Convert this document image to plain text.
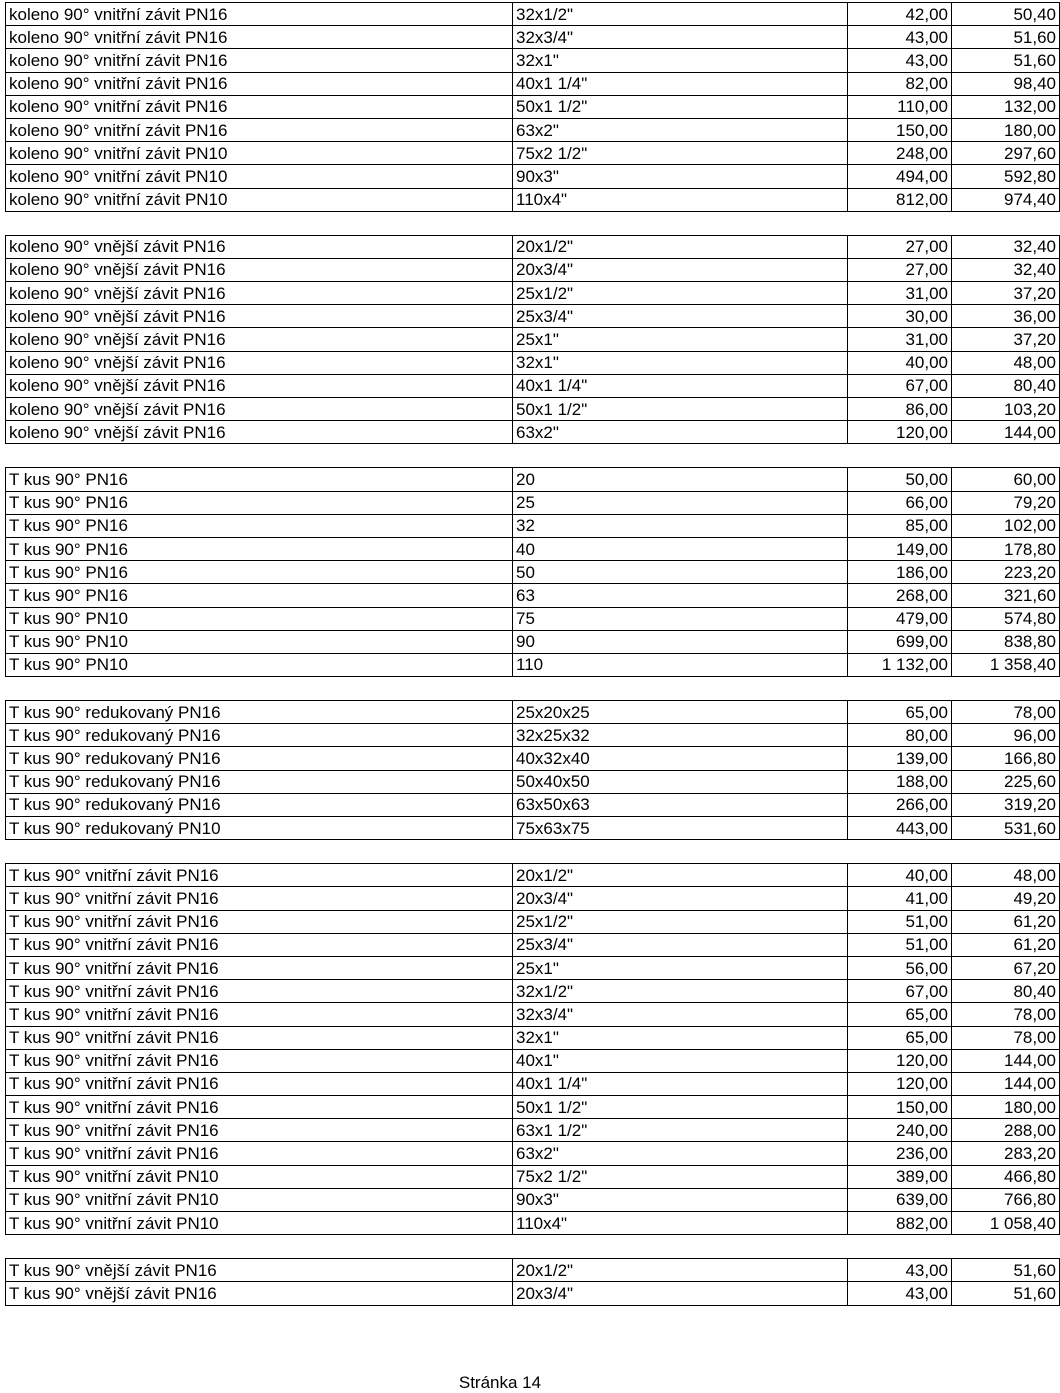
koleno 90° vnitřní závit PN16	32x1/2"	42,00	50,40
koleno 90° vnitřní závit PN16	32x3/4"	43,00	51,60
koleno 90° vnitřní závit PN16	32x1"	43,00	51,60
koleno 90° vnitřní závit PN16	40x1 1/4"	82,00	98,40
koleno 90° vnitřní závit PN16	50x1 1/2"	110,00	132,00
koleno 90° vnitřní závit PN16	63x2"	150,00	180,00
koleno 90° vnitřní závit PN10	75x2 1/2"	248,00	297,60
koleno 90° vnitřní závit PN10	90x3"	494,00	592,80
koleno 90° vnitřní závit PN10	110x4"	812,00	974,40
koleno 90° vnější závit PN16	20x1/2"	27,00	32,40
koleno 90° vnější závit PN16	20x3/4"	27,00	32,40
koleno 90° vnější závit PN16	25x1/2"	31,00	37,20
koleno 90° vnější závit PN16	25x3/4"	30,00	36,00
koleno 90° vnější závit PN16	25x1"	31,00	37,20
koleno 90° vnější závit PN16	32x1"	40,00	48,00
koleno 90° vnější závit PN16	40x1 1/4"	67,00	80,40
koleno 90° vnější závit PN16	50x1 1/2"	86,00	103,20
koleno 90° vnější závit PN16	63x2"	120,00	144,00
T kus 90° PN16	20	50,00	60,00
T kus 90° PN16	25	66,00	79,20
T kus 90° PN16	32	85,00	102,00
T kus 90° PN16	40	149,00	178,80
T kus 90° PN16	50	186,00	223,20
T kus 90° PN16	63	268,00	321,60
T kus 90° PN10	75	479,00	574,80
T kus 90° PN10	90	699,00	838,80
T kus 90° PN10	110	1 132,00	1 358,40
T kus 90° redukovaný PN16	25x20x25	65,00	78,00
T kus 90° redukovaný PN16	32x25x32	80,00	96,00
T kus 90° redukovaný PN16	40x32x40	139,00	166,80
T kus 90° redukovaný PN16	50x40x50	188,00	225,60
T kus 90° redukovaný PN16	63x50x63	266,00	319,20
T kus 90° redukovaný PN10	75x63x75	443,00	531,60
T kus 90° vnitřní závit PN16	20x1/2"	40,00	48,00
T kus 90° vnitřní závit PN16	20x3/4"	41,00	49,20
T kus 90° vnitřní závit PN16	25x1/2"	51,00	61,20
T kus 90° vnitřní závit PN16	25x3/4"	51,00	61,20
T kus 90° vnitřní závit PN16	25x1"	56,00	67,20
T kus 90° vnitřní závit PN16	32x1/2"	67,00	80,40
T kus 90° vnitřní závit PN16	32x3/4"	65,00	78,00
T kus 90° vnitřní závit PN16	32x1"	65,00	78,00
T kus 90° vnitřní závit PN16	40x1"	120,00	144,00
T kus 90° vnitřní závit PN16	40x1 1/4"	120,00	144,00
T kus 90° vnitřní závit PN16	50x1 1/2"	150,00	180,00
T kus 90° vnitřní závit PN16	63x1 1/2"	240,00	288,00
T kus 90° vnitřní závit PN16	63x2"	236,00	283,20
T kus 90° vnitřní závit PN10	75x2 1/2"	389,00	466,80
T kus 90° vnitřní závit PN10	90x3"	639,00	766,80
T kus 90° vnitřní závit PN10	110x4"	882,00	1 058,40
T kus 90° vnější závit PN16	20x1/2"	43,00	51,60
T kus 90° vnější závit PN16	20x3/4"	43,00	51,60
Stránka 14
